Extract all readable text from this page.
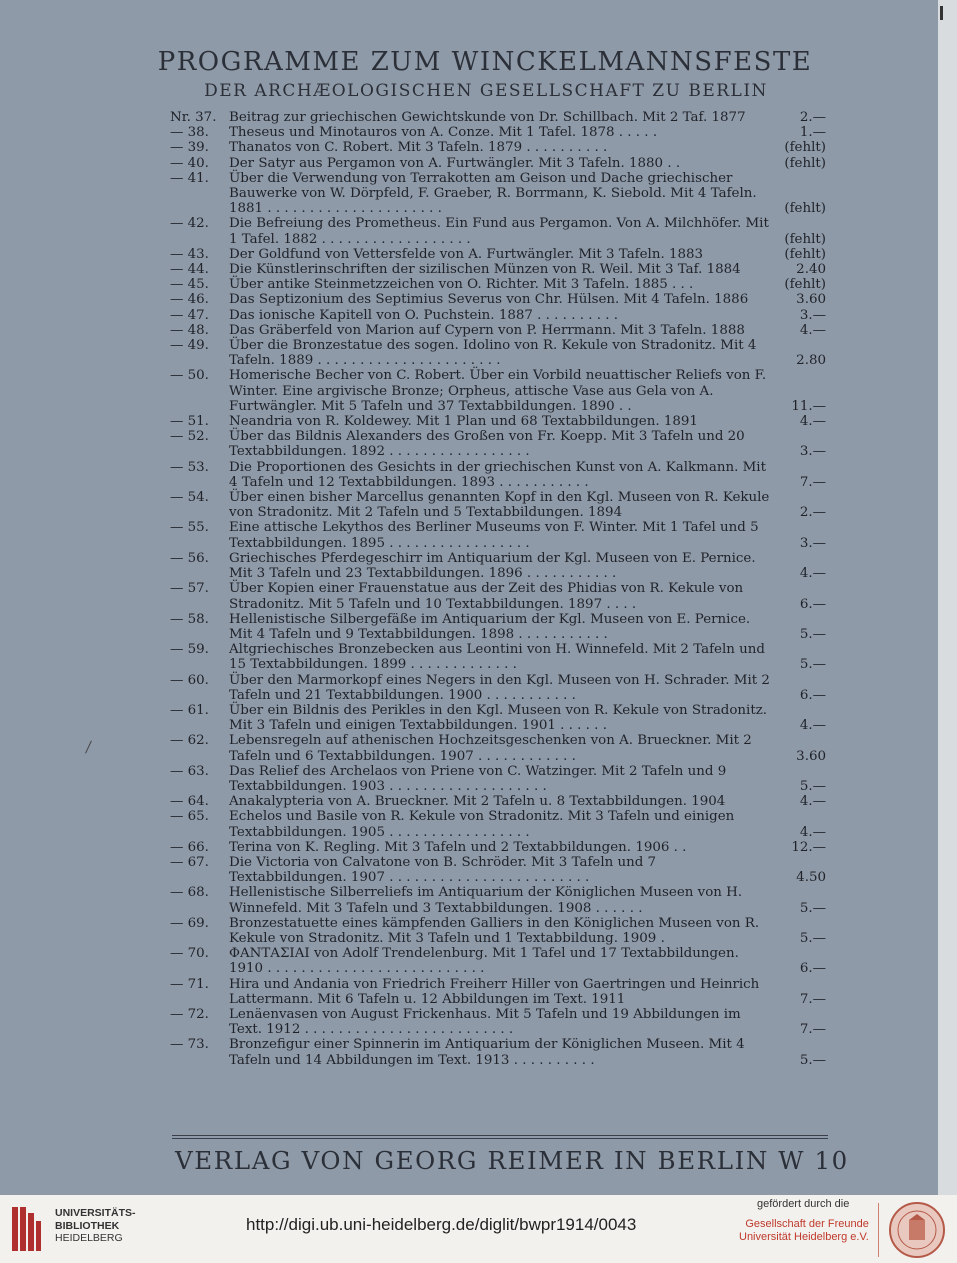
PROGRAMME ZUM WINCKELMANNSFESTE
DER ARCHÆOLOGISCHEN GESELLSCHAFT ZU BERLIN
Nr. 37. Beitrag zur griechischen Gewichtskunde von Dr. Schillbach. Mit 2 Taf. 1877	2.—
— 38.	Theseus und Minotauros von A. Conze. Mit 1 Tafel. 1878 . . . . .	1.—
— 39.	Thanatos von C. Robert. Mit 3 Tafeln. 1879 . . . . . . . . . .	(fehlt)
— 40.	Der Satyr aus Pergamon von A. Furtwängler. Mit 3 Tafeln. 1880 . .	(fehlt)
— 41.	Über die Verwendung von Terrakotten am Geison und Dache griechischer Bauwerke von W. Dörpfeld, F. Graeber, R. Borrmann, K. Siebold. Mit 4 Tafeln. 1881 . . . . . . . . . . . . . . . . . . . . .	(fehlt)
— 42.	Die Befreiung des Prometheus. Ein Fund aus Pergamon. Von A. Milchhöfer. Mit 1 Tafel. 1882 . . . . . . . . . . . . . . . . . .	(fehlt)
— 43.	Der Goldfund von Vettersfelde von A. Furtwängler. Mit 3 Tafeln. 1883	(fehlt)
— 44.	Die Künstlerinschriften der sizilischen Münzen von R. Weil. Mit 3 Taf. 1884	2.40
— 45.	Über antike Steinmetzzeichen von O. Richter. Mit 3 Tafeln. 1885 . . .	(fehlt)
— 46.	Das Septizonium des Septimius Severus von Chr. Hülsen. Mit 4 Tafeln. 1886	3.60
— 47.	Das ionische Kapitell von O. Puchstein. 1887 . . . . . . . . . .	3.—
— 48.	Das Gräberfeld von Marion auf Cypern von P. Herrmann. Mit 3 Tafeln. 1888	4.—
— 49.	Über die Bronzestatue des sogen. Idolino von R. Kekule von Stradonitz. Mit 4 Tafeln. 1889 . . . . . . . . . . . . . . . . . . . . . .	2.80
— 50.	Homerische Becher von C. Robert. Über ein Vorbild neuattischer Reliefs von F. Winter. Eine argivische Bronze; Orpheus, attische Vase aus Gela von A. Furtwängler. Mit 5 Tafeln und 37 Textabbildungen. 1890 . .	11.—
— 51.	Neandria von R. Koldewey. Mit 1 Plan und 68 Textabbildungen. 1891	4.—
— 52.	Über das Bildnis Alexanders des Großen von Fr. Koepp. Mit 3 Tafeln und 20 Textabbildungen. 1892 . . . . . . . . . . . . . . . . .	3.—
— 53.	Die Proportionen des Gesichts in der griechischen Kunst von A. Kalkmann. Mit 4 Tafeln und 12 Textabbildungen. 1893 . . . . . . . . . . .	7.—
— 54.	Über einen bisher Marcellus genannten Kopf in den Kgl. Museen von R. Kekule von Stradonitz. Mit 2 Tafeln und 5 Textabbildungen. 1894	2.—
— 55.	Eine attische Lekythos des Berliner Museums von F. Winter. Mit 1 Tafel und 5 Textabbildungen. 1895 . . . . . . . . . . . . . . . . .	3.—
— 56.	Griechisches Pferdegeschirr im Antiquarium der Kgl. Museen von E. Pernice. Mit 3 Tafeln und 23 Textabbildungen. 1896 . . . . . . . . . . .	4.—
— 57.	Über Kopien einer Frauenstatue aus der Zeit des Phidias von R. Kekule von Stradonitz. Mit 5 Tafeln und 10 Textabbildungen. 1897 . . . .	6.—
— 58.	Hellenistische Silbergefäße im Antiquarium der Kgl. Museen von E. Pernice. Mit 4 Tafeln und 9 Textabbildungen. 1898 . . . . . . . . . . .	5.—
— 59.	Altgriechisches Bronzebecken aus Leontini von H. Winnefeld. Mit 2 Tafeln und 15 Textabbildungen. 1899 . . . . . . . . . . . . .	5.—
— 60.	Über den Marmorkopf eines Negers in den Kgl. Museen von H. Schrader. Mit 2 Tafeln und 21 Textabbildungen. 1900 . . . . . . . . . . .	6.—
— 61.	Über ein Bildnis des Perikles in den Kgl. Museen von R. Kekule von Stradonitz. Mit 3 Tafeln und einigen Textabbildungen. 1901 . . . . . .	4.—
— 62.	Lebensregeln auf athenischen Hochzeitsgeschenken von A. Brueckner. Mit 2 Tafeln und 6 Textabbildungen. 1907 . . . . . . . . . . . .	3.60
— 63.	Das Relief des Archelaos von Priene von C. Watzinger. Mit 2 Tafeln und 9 Textabbildungen. 1903 . . . . . . . . . . . . . . . . . . .	5.—
— 64.	Anakalypteria von A. Brueckner. Mit 2 Tafeln u. 8 Textabbildungen. 1904	4.—
— 65.	Echelos und Basile von R. Kekule von Stradonitz. Mit 3 Tafeln und einigen Textabbildungen. 1905 . . . . . . . . . . . . . . . . .	4.—
— 66.	Terina von K. Regling. Mit 3 Tafeln und 2 Textabbildungen. 1906 . .	12.—
— 67.	Die Victoria von Calvatone von B. Schröder. Mit 3 Tafeln und 7 Textabbildungen. 1907 . . . . . . . . . . . . . . . . . . . . . . . .	4.50
— 68.	Hellenistische Silberreliefs im Antiquarium der Königlichen Museen von H. Winnefeld. Mit 3 Tafeln und 3 Textabbildungen. 1908 . . . . . .	5.—
— 69.	Bronzestatuette eines kämpfenden Galliers in den Königlichen Museen von R. Kekule von Stradonitz. Mit 3 Tafeln und 1 Textabbildung. 1909 .	5.—
— 70.	ΦΑΝΤΑΣΙΑΙ von Adolf Trendelenburg. Mit 1 Tafel und 17 Textabbildungen. 1910 . . . . . . . . . . . . . . . . . . . . . . . . . .	6.—
— 71.	Hira und Andania von Friedrich Freiherr Hiller von Gaertringen und Heinrich Lattermann. Mit 6 Tafeln u. 12 Abbildungen im Text. 1911	7.—
— 72.	Lenäenvasen von August Frickenhaus. Mit 5 Tafeln und 19 Abbildungen im Text. 1912 . . . . . . . . . . . . . . . . . . . . . . . . .	7.—
— 73.	Bronzefigur einer Spinnerin im Antiquarium der Königlichen Museen. Mit 4 Tafeln und 14 Abbildungen im Text. 1913 . . . . . . . . . .	5.—
VERLAG VON GEORG REIMER IN BERLIN W 10
UNIVERSITÄTS-
BIBLIOTHEK
HEIDELBERG
http://digi.ub.uni-heidelberg.de/diglit/bwpr1914/0043
gefördert durch die
Gesellschaft der Freunde
Universität Heidelberg e.V.
